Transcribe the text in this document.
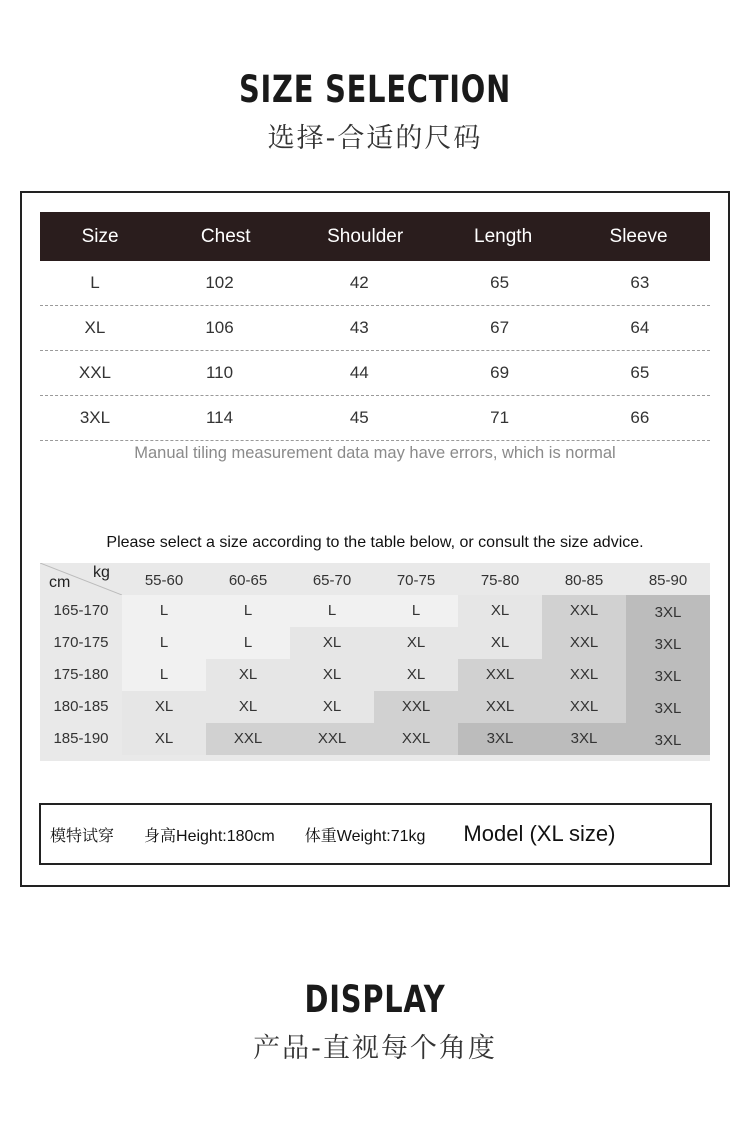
SIZE SELECTION
选择-合适的尺码
Size	Chest	Shoulder	Length	Sleeve
L	102	42	65	63
XL	106	43	67	64
XXL	110	44	69	65
3XL	114	45	71	66
Manual tiling measurement data may have errors, which is normal
Please select a size according to the table below, or consult the size advice.
cm
kg	55-60	60-65	65-70	70-75	75-80	80-85	85-90
165-170	L	L	L	L	XL	XXL	3XL
170-175	L	L	XL	XL	XL	XXL	3XL
175-180	L	XL	XL	XL	XXL	XXL	3XL
180-185	XL	XL	XL	XXL	XXL	XXL	3XL
185-190	XL	XXL	XXL	XXL	3XL	3XL	3XL
模特试穿 身高Height:180cm 体重Weight:71kg Model (XL size)
DISPLAY
产品-直视每个角度
